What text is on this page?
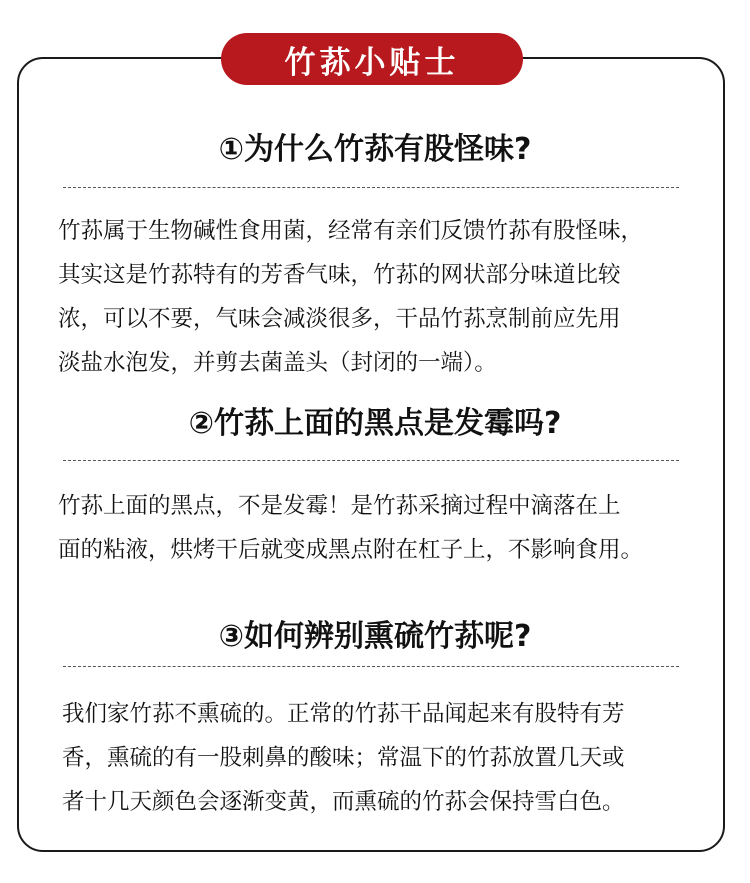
竹荪小贴士
①为什么竹荪有股怪味?
竹荪属于生物碱性食用菌，经常有亲们反馈竹荪有股怪味，
其实这是竹荪特有的芳香气味，竹荪的网状部分味道比较
浓，可以不要，气味会减淡很多，干品竹荪烹制前应先用
淡盐水泡发，并剪去菌盖头（封闭的一端）。
②竹荪上面的黑点是发霉吗?
竹荪上面的黑点，不是发霉！是竹荪采摘过程中滴落在上
面的粘液，烘烤干后就变成黑点附在杠子上，不影响食用。
③如何辨别熏硫竹荪呢?
我们家竹荪不熏硫的。正常的竹荪干品闻起来有股特有芳
香，熏硫的有一股刺鼻的酸味；常温下的竹荪放置几天或
者十几天颜色会逐渐变黄，而熏硫的竹荪会保持雪白色。
